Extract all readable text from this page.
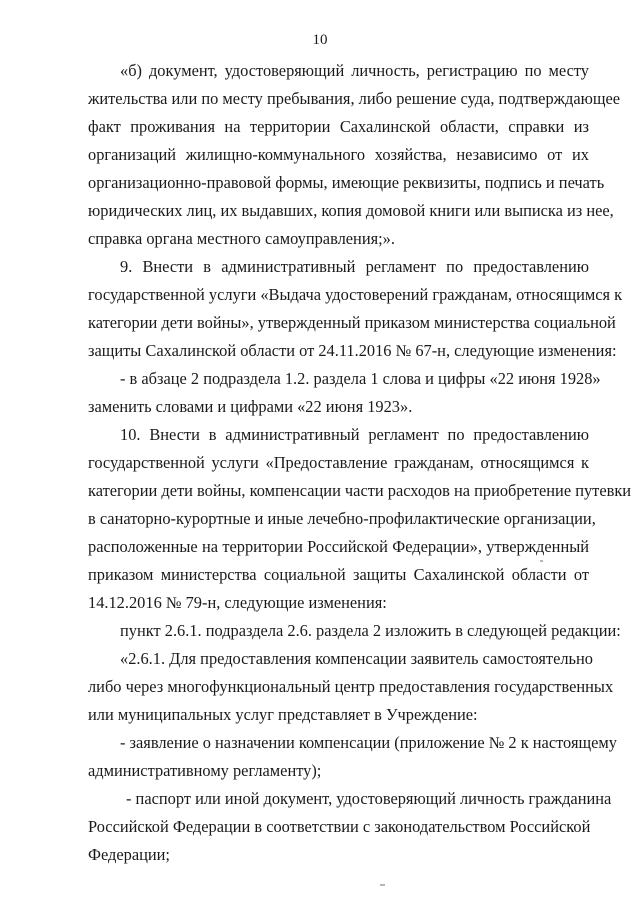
10
«б) документ, удостоверяющий личность, регистрацию по месту
жительства или по месту пребывания, либо решение суда, подтверждающее
факт проживания на территории Сахалинской области, справки из
организаций жилищно-коммунального хозяйства, независимо от их
организационно-правовой формы, имеющие реквизиты, подпись и печать
юридических лиц, их выдавших, копия домовой книги или выписка из нее,
справка органа местного самоуправления;».
9. Внести в административный регламент по предоставлению
государственной услуги «Выдача удостоверений гражданам, относящимся к
категории дети войны», утвержденный приказом министерства социальной
защиты Сахалинской области от 24.11.2016 № 67-н, следующие изменения:
- в абзаце 2 подраздела 1.2. раздела 1 слова и цифры «22 июня 1928»
заменить словами и цифрами «22 июня 1923».
10. Внести в административный регламент по предоставлению
государственной услуги «Предоставление гражданам, относящимся к
категории дети войны, компенсации части расходов на приобретение путевки
в санаторно-курортные и иные лечебно-профилактические организации,
расположенные на территории Российской Федерации», утвержденный
приказом министерства социальной защиты Сахалинской области от
14.12.2016 № 79-н, следующие изменения:
пункт 2.6.1. подраздела 2.6. раздела 2 изложить в следующей редакции:
«2.6.1. Для предоставления компенсации заявитель самостоятельно
либо через многофункциональный центр предоставления государственных
или муниципальных услуг представляет в Учреждение:
- заявление о назначении компенсации (приложение № 2 к настоящему
административному регламенту);
- паспорт или иной документ, удостоверяющий личность гражданина
Российской Федерации в соответствии с законодательством Российской
Федерации;
